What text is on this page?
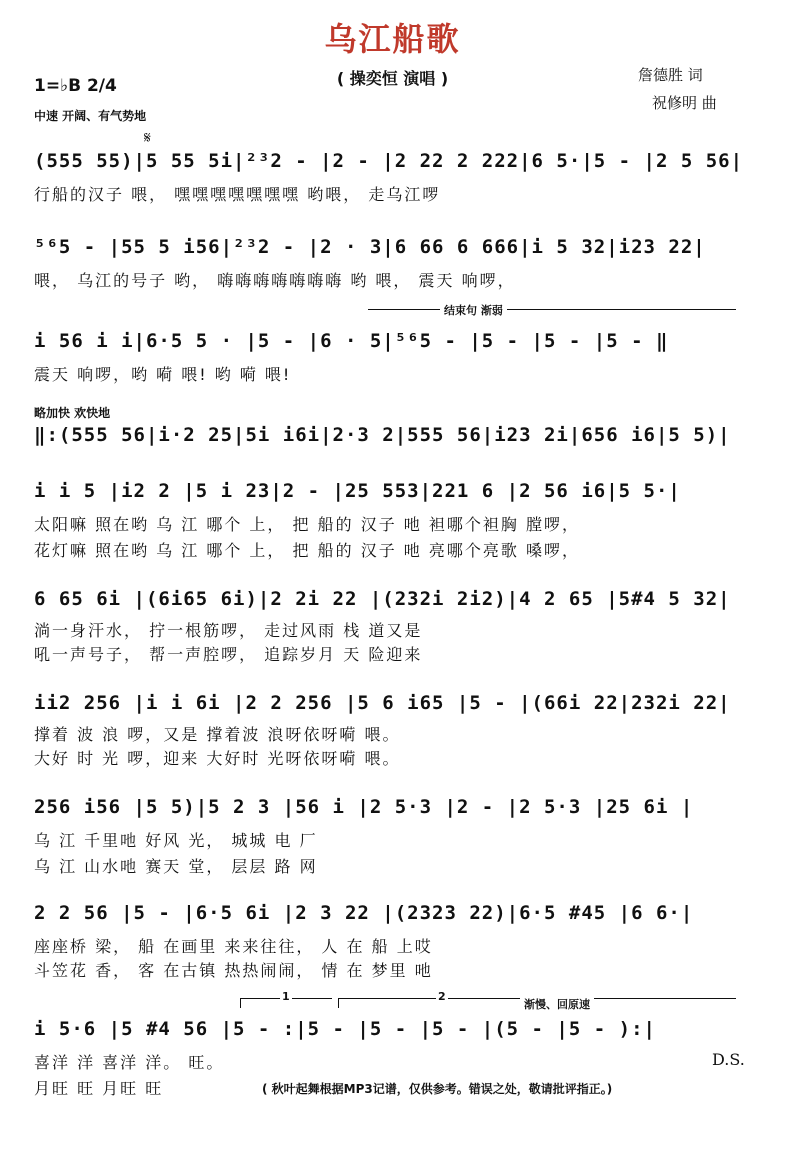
乌江船歌
( 操奕恒 演唱 )	詹德胜 词
祝修明 曲
1=♭B 2/4
中速 开阔、有气势地
𝄋
(555 55)|5 55 5i|²³2 - |2 - |2 22 2 222|6 5·|5 - |2 5 56|
行船的汉子 喂， 嘿嘿嘿嘿嘿嘿嘿 哟喂， 走乌江啰
⁵⁶5 - |55 5 i56|²³2 - |2 · 3|6 66 6 666|i 5 32|i23 22|
喂， 乌江的号子 哟， 嗨嗨嗨嗨嗨嗨嗨 哟 喂， 震天 响啰，
结束句 渐弱
i 56 i i|6·5 5 · |5 - |6 · 5|⁵⁶5 - |5 - |5 - |5 - ‖
震天 响啰，哟 嗬 喂! 哟 嗬 喂!
略加快 欢快地
‖:(555 56|i·2 25|5i i6i|2·3 2|555 56|i23 2i|656 i6|5 5)|
i i 5 |i2 2 |5 i 23|2 - |25 553|221 6 |2 56 i6|5 5·|
太阳嘛 照在哟 乌 江 哪个 上， 把 船的 汉子 吔 袒哪个袒胸 膛啰，
花灯嘛 照在哟 乌 江 哪个 上， 把 船的 汉子 吔 亮哪个亮歌 嗓啰，
6 65 6i |(6i65 6i)|2 2i 22 |(232i 2i2)|4 2 65 |5#4 5 32|
淌一身汗水， 拧一根筋啰， 走过风雨 栈 道又是
吼一声号子， 帮一声腔啰， 追踪岁月 天 险迎来
ii2 256 |i i 6i |2 2 256 |5 6 i65 |5 - |(66i 22|232i 22|
撑着 波 浪 啰，又是 撑着波 浪呀依呀嗬 喂。
大好 时 光 啰，迎来 大好时 光呀依呀嗬 喂。
256 i56 |5 5)|5 2 3 |56 i |2 5·3 |2 - |2 5·3 |25 6i |
乌 江 千里吔 好风 光， 城城 电 厂
乌 江 山水吔 赛天 堂， 层层 路 网
2 2 56 |5 - |6·5 6i |2 3 22 |(2323 22)|6·5 #45 |6 6·|
座座桥 梁， 船 在画里 来来往往， 人 在 船 上哎
斗笠花 香， 客 在古镇 热热闹闹， 情 在 梦里 吔
1	2
渐慢、回原速
i 5·6 |5 #4 56 |5 - :|5 - |5 - |5 - |(5 - |5 - ):|
喜洋 洋 喜洋 洋。 旺。
月旺 旺 月旺 旺
D.S.
( 秋叶起舞根据MP3记谱，仅供参考。错误之处，敬请批评指正。)
